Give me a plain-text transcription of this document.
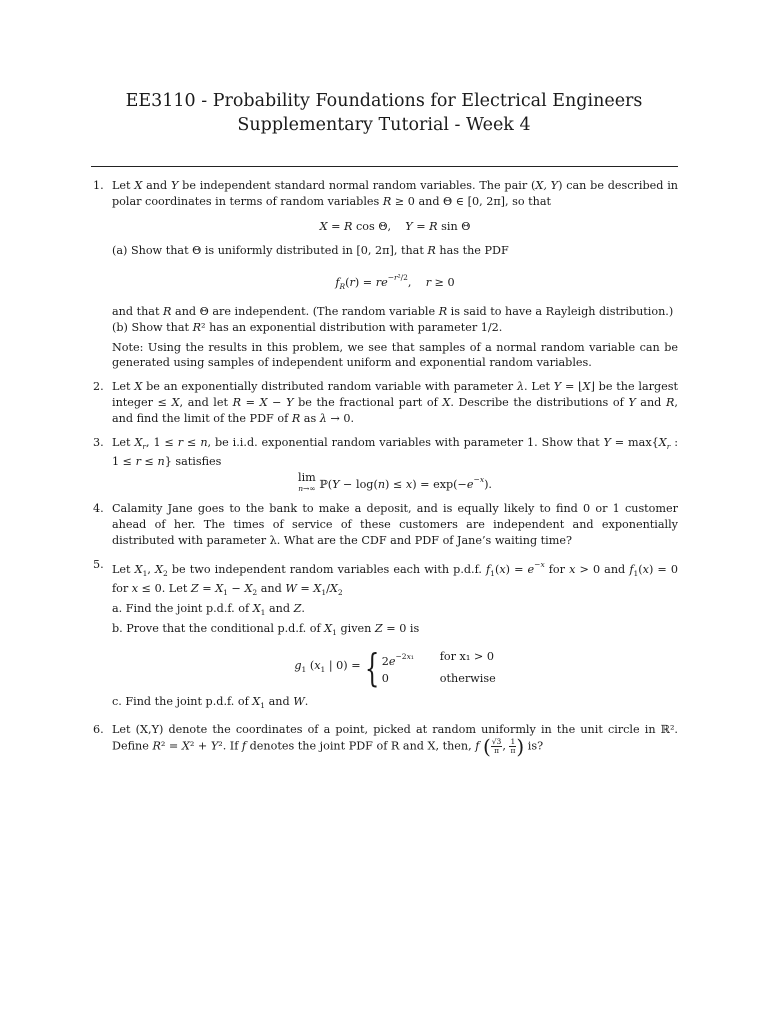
EE3110 - Probability Foundations for Electrical Engineers
Supplementary Tutorial - Week 4
1. Let X and Y be independent standard normal random variables. The pair (X, Y) can be described in polar coordinates in terms of random variables R ≥ 0 and Θ ∈ [0, 2π], so that

X = R cos Θ,    Y = R sin Θ

(a) Show that Θ is uniformly distributed in [0, 2π], that R has the PDF

$f_R(r) = re^{-r^2/2}$,    r ≥ 0

and that R and Θ are independent. (The random variable R is said to have a Rayleigh distribution.)

(b) Show that R² has an exponential distribution with parameter 1/2.

Note: Using the results in this problem, we see that samples of a normal random variable can be generated using samples of independent uniform and exponential random variables.

2. Let X be an exponentially distributed random variable with parameter λ. Let Y = ⌊X⌋ be the largest integer ≤ X, and let R = X − Y be the fractional part of X. Describe the distributions of Y and R, and find the limit of the PDF of R as λ → 0.

3. Let $X_r$, 1 ≤ r ≤ n, be i.i.d. exponential random variables with parameter 1. Show that $Y = \max\{X_r$ : 1 ≤ r ≤ n} satisfies

lim
n→∞ ℙ(Y − $\log(n) \le x) = \exp(-e^{-x})$.

4. Calamity Jane goes to the bank to make a deposit, and is equally likely to find 0 or 1 customer ahead of her. The times of service of these customers are independent and exponentially distributed with parameter λ. What are the CDF and PDF of Jane’s waiting time?

5. Let $X_1$, $X_2$ be two independent random variables each with p.d.f. $f_1(x) = e^{-x}$ for x > 0 and $f_1(x) = 0$ for x ≤ 0. Let $Z = X_1 - X_2$ and $W = X_1/X_2$

a. Find the joint p.d.f. of $X_1$ and Z.

b. Prove that the conditional p.d.f. of $X_1$ given Z = 0 is

$g_1$ ($x_1$ | 0) = { $2e^{-2x_1}$	for x₁ > 0
0	otherwise

c. Find the joint p.d.f. of $X_1$ and W.

6. Let (X,Y) denote the coordinates of a point, picked at random uniformly in the unit circle in ℝ². Define R² = X² + Y². If f denotes the joint PDF of R and X, then, f ( $\frac{√3}{\pi}$ , $\frac{1}{\pi}$ ) is?
